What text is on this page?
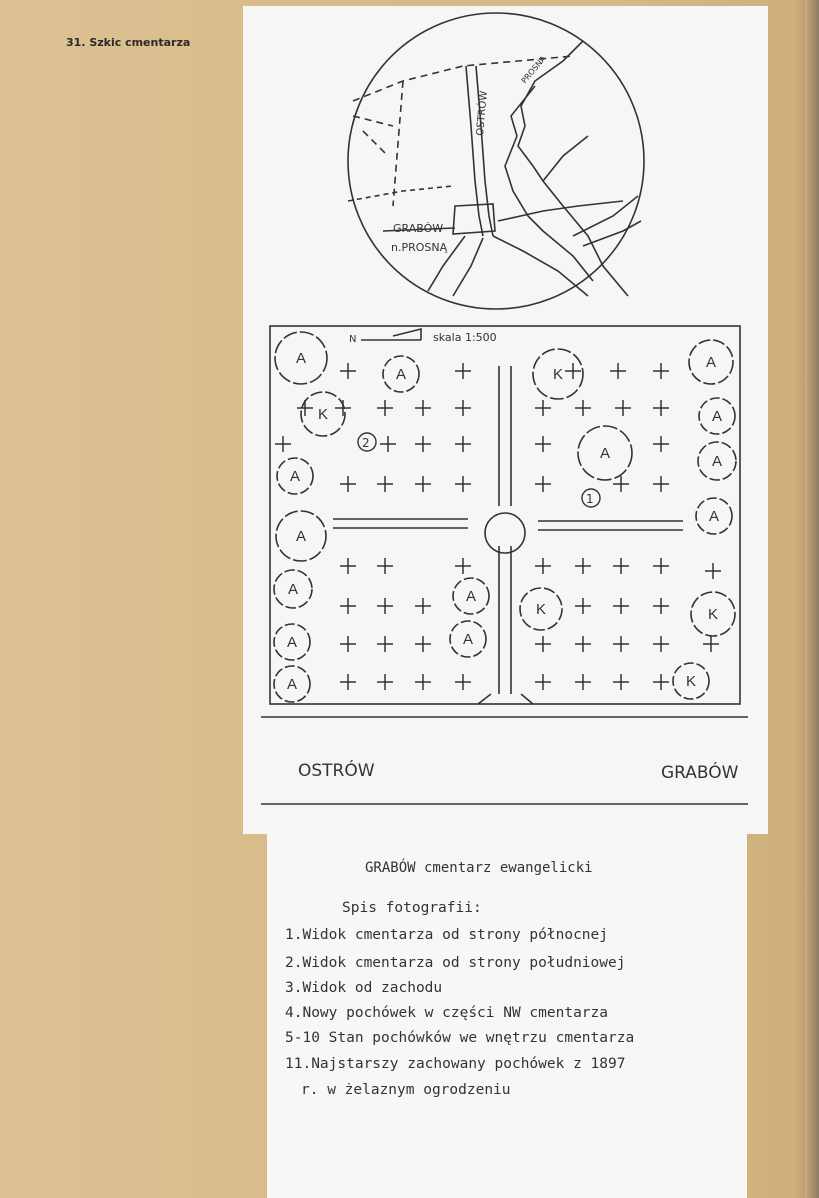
31. Szkic cmentarza
A
A
K
K
A
A
A
A	A
A
A
A	A
A	A
K	K
A	K
OSTRÓW
PROSNA
GRABÓW
n.PROSNĄ
N	skala 1:500
1
2
OSTRÓW	GRABÓW
GRABÓW cmentarz ewangelicki
Spis fotografii:
1.Widok cmentarza od strony północnej
2.Widok cmentarza od strony południowej
3.Widok od zachodu
4.Nowy pochówek w części NW cmentarza
5-10 Stan pochówków we wnętrzu cmentarza
11.Najstarszy zachowany pochówek z 1897
r. w żelaznym ogrodzeniu
